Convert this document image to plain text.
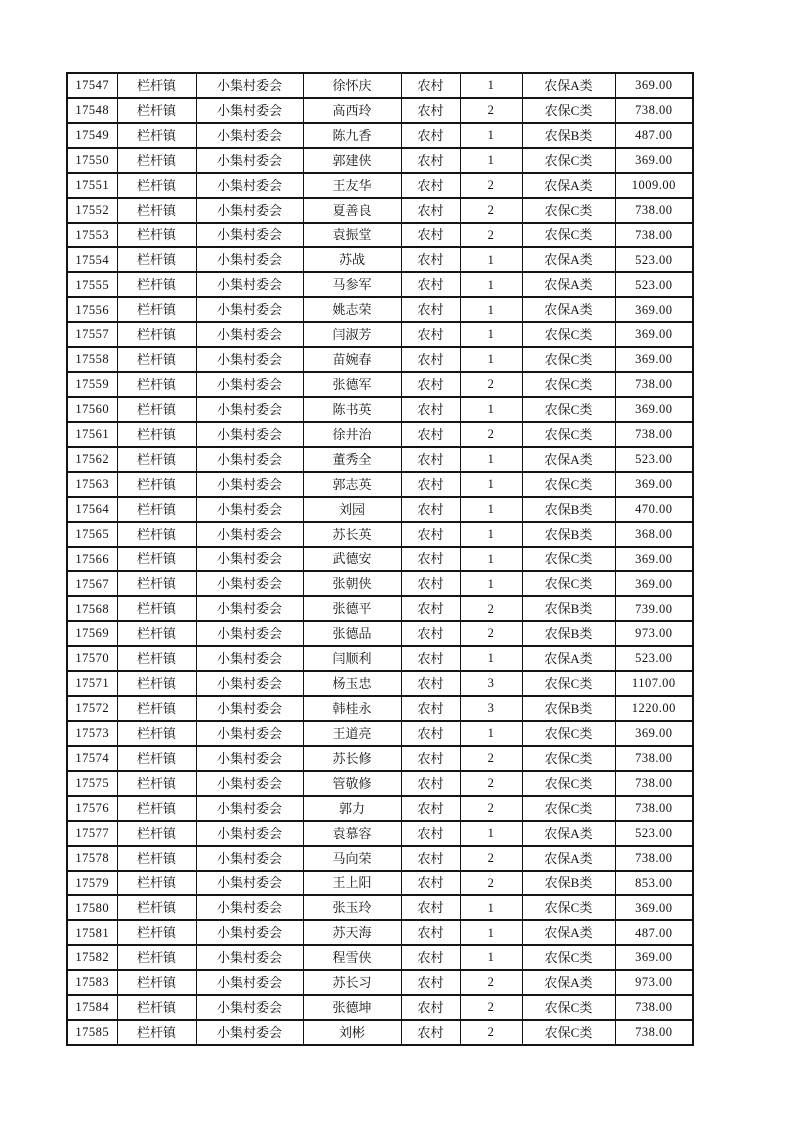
17547	栏杆镇	小集村委会	徐怀庆	农村	1	农保A类	369.00
17548	栏杆镇	小集村委会	高西玲	农村	2	农保C类	738.00
17549	栏杆镇	小集村委会	陈九香	农村	1	农保B类	487.00
17550	栏杆镇	小集村委会	郭建侠	农村	1	农保C类	369.00
17551	栏杆镇	小集村委会	王友华	农村	2	农保A类	1009.00
17552	栏杆镇	小集村委会	夏善良	农村	2	农保C类	738.00
17553	栏杆镇	小集村委会	袁振堂	农村	2	农保C类	738.00
17554	栏杆镇	小集村委会	苏战	农村	1	农保A类	523.00
17555	栏杆镇	小集村委会	马参军	农村	1	农保A类	523.00
17556	栏杆镇	小集村委会	姚志荣	农村	1	农保A类	369.00
17557	栏杆镇	小集村委会	闫淑芳	农村	1	农保C类	369.00
17558	栏杆镇	小集村委会	苗婉春	农村	1	农保C类	369.00
17559	栏杆镇	小集村委会	张德军	农村	2	农保C类	738.00
17560	栏杆镇	小集村委会	陈书英	农村	1	农保C类	369.00
17561	栏杆镇	小集村委会	徐井治	农村	2	农保C类	738.00
17562	栏杆镇	小集村委会	董秀全	农村	1	农保A类	523.00
17563	栏杆镇	小集村委会	郭志英	农村	1	农保C类	369.00
17564	栏杆镇	小集村委会	刘园	农村	1	农保B类	470.00
17565	栏杆镇	小集村委会	苏长英	农村	1	农保B类	368.00
17566	栏杆镇	小集村委会	武德安	农村	1	农保C类	369.00
17567	栏杆镇	小集村委会	张朝侠	农村	1	农保C类	369.00
17568	栏杆镇	小集村委会	张德平	农村	2	农保B类	739.00
17569	栏杆镇	小集村委会	张德品	农村	2	农保B类	973.00
17570	栏杆镇	小集村委会	闫顺利	农村	1	农保A类	523.00
17571	栏杆镇	小集村委会	杨玉忠	农村	3	农保C类	1107.00
17572	栏杆镇	小集村委会	韩桂永	农村	3	农保B类	1220.00
17573	栏杆镇	小集村委会	王道亮	农村	1	农保C类	369.00
17574	栏杆镇	小集村委会	苏长修	农村	2	农保C类	738.00
17575	栏杆镇	小集村委会	管敬修	农村	2	农保C类	738.00
17576	栏杆镇	小集村委会	郭力	农村	2	农保C类	738.00
17577	栏杆镇	小集村委会	袁慕容	农村	1	农保A类	523.00
17578	栏杆镇	小集村委会	马向荣	农村	2	农保A类	738.00
17579	栏杆镇	小集村委会	王上阳	农村	2	农保B类	853.00
17580	栏杆镇	小集村委会	张玉玲	农村	1	农保C类	369.00
17581	栏杆镇	小集村委会	苏天海	农村	1	农保A类	487.00
17582	栏杆镇	小集村委会	程雪侠	农村	1	农保C类	369.00
17583	栏杆镇	小集村委会	苏长习	农村	2	农保A类	973.00
17584	栏杆镇	小集村委会	张德坤	农村	2	农保C类	738.00
17585	栏杆镇	小集村委会	刘彬	农村	2	农保C类	738.00
